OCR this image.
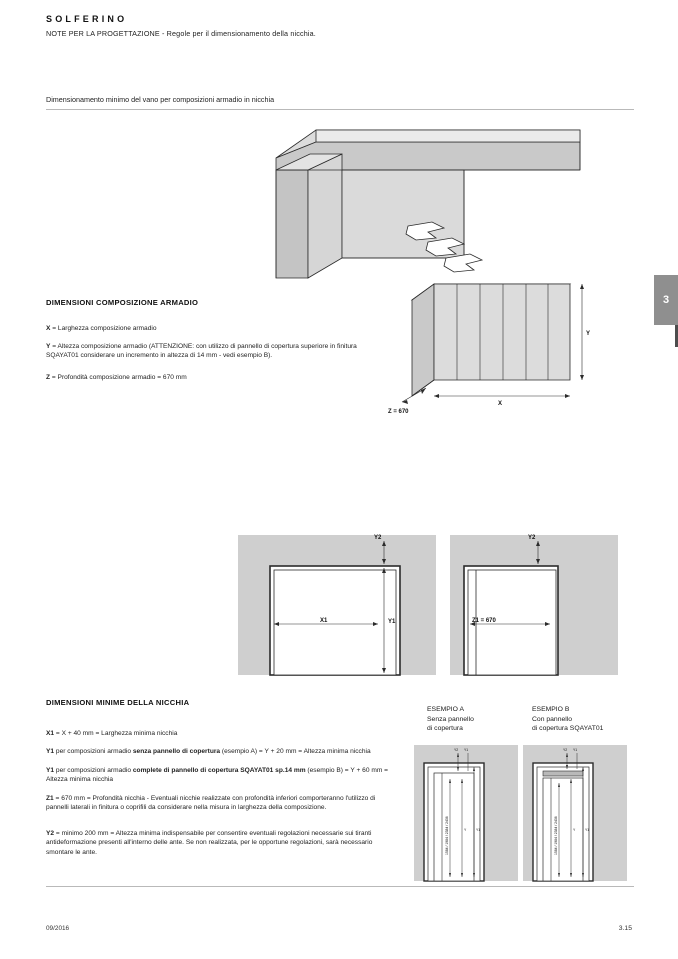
SOLFERINO
NOTE PER LA PROGETTAZIONE - Regole per il dimensionamento della nicchia.
Dimensionamento minimo del vano per composizioni armadio in nicchia
3
Y
X
Z = 670
DIMENSIONI COMPOSIZIONE ARMADIO
X = Larghezza composizione armadio
Y = Altezza composizione armadio (ATTENZIONE: con utilizzo di pannello di copertura superiore in finitura SQAYAT01 considerare un incremento in altezza di 14 mm - vedi esempio B).
Z = Profondità composizione armadio = 670 mm
Y2
Y1
X1
Y2
Z1 = 670
DIMENSIONI MINIME DELLA NICCHIA
X1 = X + 40 mm = Larghezza minima nicchia
Y1 per composizioni armadio senza pannello di copertura (esempio A) = Y + 20 mm = Altezza minima nicchia
Y1 per composizioni armadio complete di pannello di copertura SQAYAT01 sp.14 mm (esempio B) = Y + 60 mm = Altezza minima nicchia
Z1 = 670 mm = Profondità nicchia - Eventuali nicchie realizzate con profondità inferiori comporteranno l'utilizzo di pannelli laterali in finitura o coprifili da considerare nella misura in larghezza della composizione.
Y2 = minimo 200 mm = Altezza minima indispensabile per consentire eventuali regolazioni necessarie sui tiranti antideformazione presenti all'interno delle ante. Se non realizzata, per le opportune regolazioni, sarà necessario smontare le ante.
ESEMPIO A
Senza pannello
di copertura
ESEMPIO B
Con pannello
di copertura SQAYAT01
Y2 Y1
1584 / 1984 / 2384 / 2436	Y	Y1
Y2 Y1
1584 / 1984 / 2384 / 2436	Y	Y1
09/2016	3.15
